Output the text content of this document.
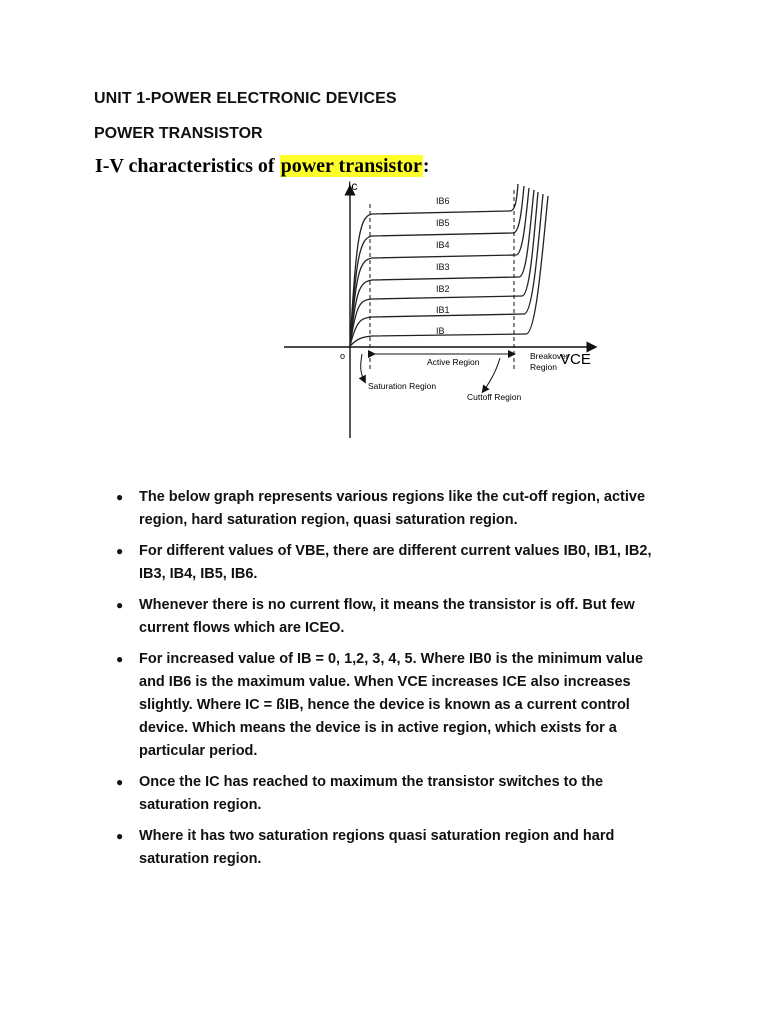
UNIT 1-POWER ELECTRONIC DEVICES
POWER TRANSISTOR
I-V characteristics of power transistor:
Ic
VCE
o
IB6
IB5
IB4
IB3
IB2
IB1
IB
Active Region
Breakover
Region
Saturation Region
Cuttoff Region
● The below graph represents various regions like the cut-off region, active region, hard saturation region, quasi saturation region.
● For different values of VBE, there are different current values IB0, IB1, IB2, IB3, IB4, IB5, IB6.
● Whenever there is no current flow, it means the transistor is off. But few current flows which are ICEO.
● For increased value of IB = 0, 1,2, 3, 4, 5. Where IB0 is the minimum value and IB6 is the maximum value. When VCE increases ICE also increases slightly. Where IC = ßIB, hence the device is known as a current control device. Which means the device is in active region, which exists for a particular period.
● Once the IC has reached to maximum the transistor switches to the saturation region.
● Where it has two saturation regions quasi saturation region and hard saturation region.
